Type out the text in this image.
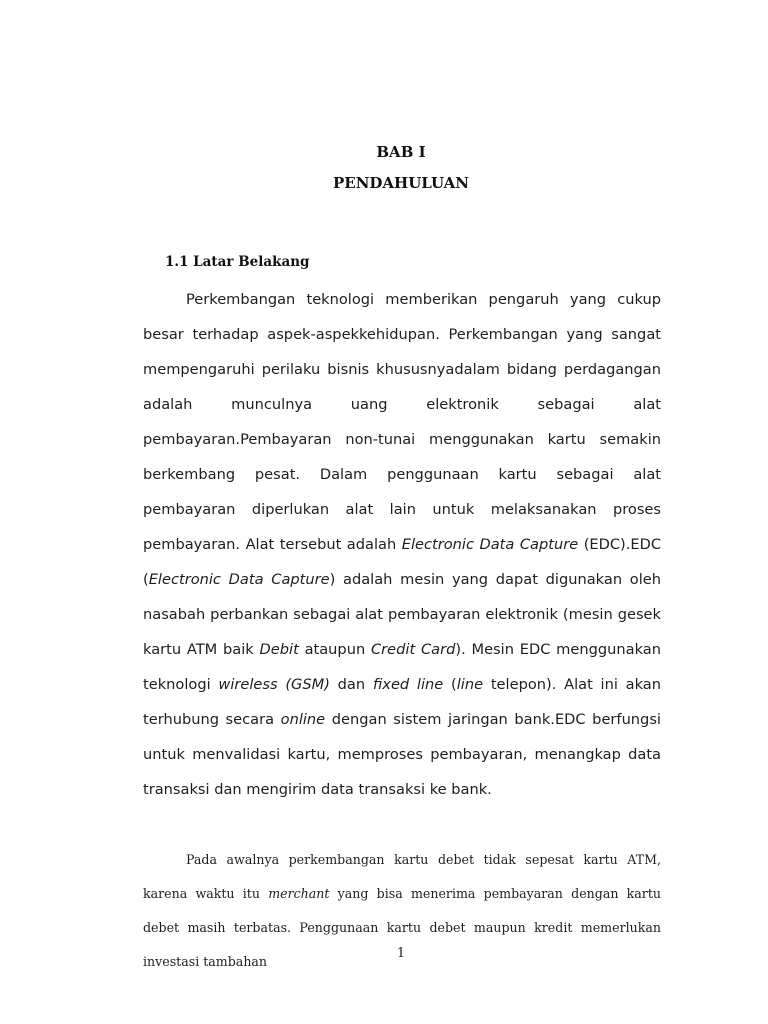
BAB I
PENDAHULUAN
1.1 Latar Belakang

Perkembangan teknologi memberikan pengaruh yang cukup besar terhadap aspek-aspekkehidupan. Perkembangan yang sangat mempengaruhi perilaku bisnis khususnyadalam bidang perdagangan adalah munculnya uang elektronik sebagai alat pembayaran.Pembayaran non-tunai menggunakan kartu semakin berkembang pesat. Dalam penggunaan kartu sebagai alat pembayaran diperlukan alat lain untuk melaksanakan proses pembayaran. Alat tersebut adalah Electronic Data Capture (EDC).EDC (Electronic Data Capture) adalah mesin yang dapat digunakan oleh nasabah perbankan sebagai alat pembayaran elektronik (mesin gesek kartu ATM baik Debit ataupun Credit Card). Mesin EDC menggunakan teknologi wireless (GSM) dan fixed line (line telepon). Alat ini akan terhubung secara online dengan sistem jaringan bank.EDC berfungsi untuk menvalidasi kartu, memproses pembayaran, menangkap data transaksi dan mengirim data transaksi ke bank.

Pada awalnya perkembangan kartu debet tidak sepesat kartu ATM, karena waktu itu merchant yang bisa menerima pembayaran dengan kartu debet masih terbatas. Penggunaan kartu debet maupun kredit memerlukan investasi tambahan

1
